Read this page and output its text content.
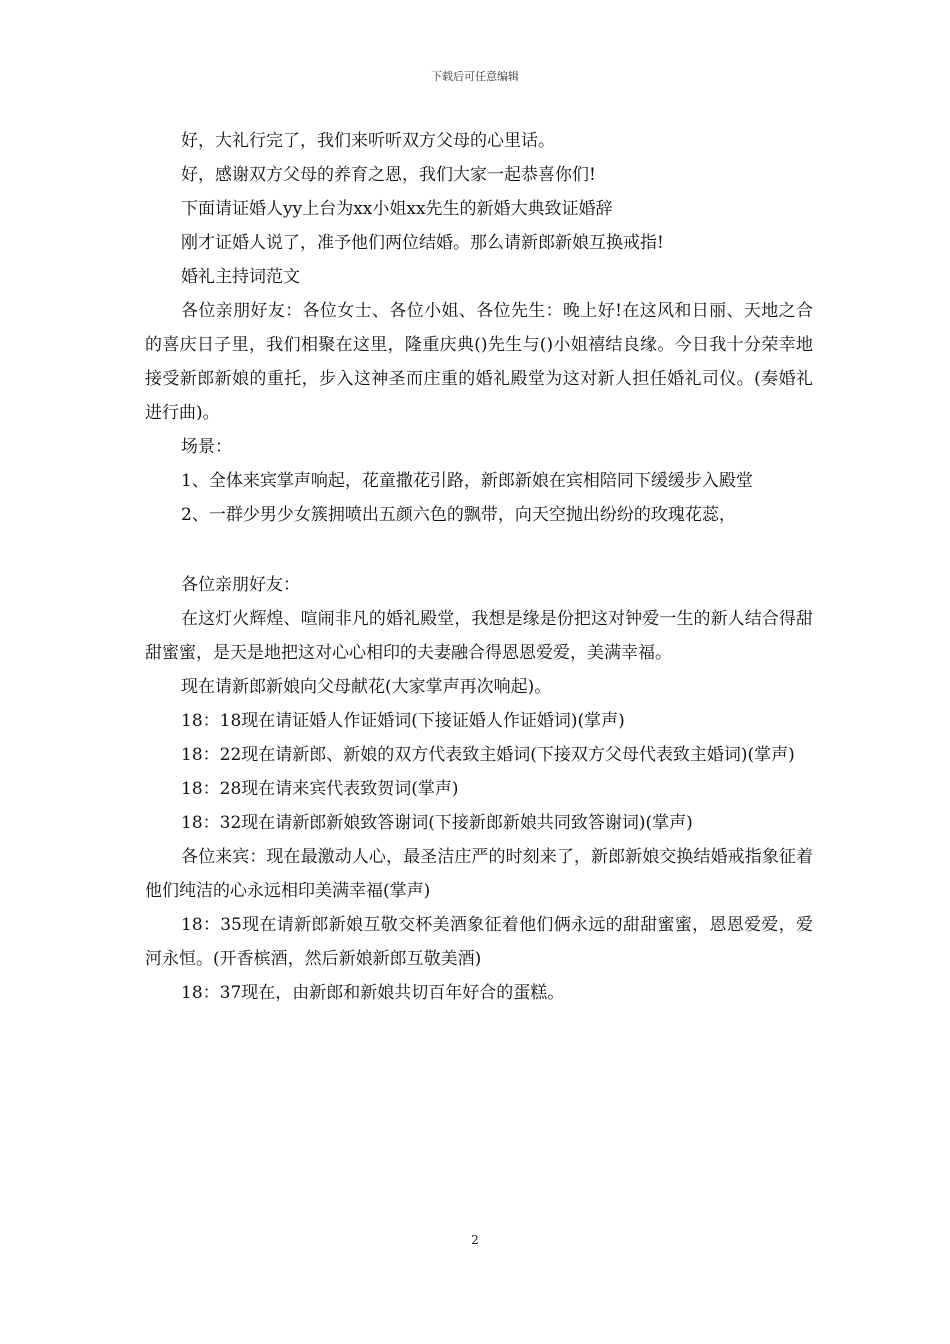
下载后可任意编辑

好，大礼行完了，我们来听听双方父母的心里话。

好，感谢双方父母的养育之恩，我们大家一起恭喜你们!

下面请证婚人yy上台为xx小姐xx先生的新婚大典致证婚辞

刚才证婚人说了，准予他们两位结婚。那么请新郎新娘互换戒指!

婚礼主持词范文

各位亲朋好友：各位女士、各位小姐、各位先生：晚上好!在这风和日丽、天地之合的喜庆日子里，我们相聚在这里，隆重庆典()先生与()小姐禧结良缘。今日我十分荣幸地接受新郎新娘的重托，步入这神圣而庄重的婚礼殿堂为这对新人担任婚礼司仪。(奏婚礼进行曲)。

场景：

1、全体来宾掌声响起，花童撒花引路，新郎新娘在宾相陪同下缓缓步入殿堂

2、一群少男少女簇拥喷出五颜六色的飘带，向天空抛出纷纷的玫瑰花蕊，

各位亲朋好友：

在这灯火辉煌、喧闹非凡的婚礼殿堂，我想是缘是份把这对钟爱一生的新人结合得甜甜蜜蜜，是天是地把这对心心相印的夫妻融合得恩恩爱爱，美满幸福。

现在请新郎新娘向父母献花(大家掌声再次响起)。

18：18现在请证婚人作证婚词(下接证婚人作证婚词)(掌声)

18：22现在请新郎、新娘的双方代表致主婚词(下接双方父母代表致主婚词)(掌声)

18：28现在请来宾代表致贺词(掌声)

18：32现在请新郎新娘致答谢词(下接新郎新娘共同致答谢词)(掌声)

各位来宾：现在最激动人心，最圣洁庄严的时刻来了，新郎新娘交换结婚戒指象征着他们纯洁的心永远相印美满幸福(掌声)

18：35现在请新郎新娘互敬交杯美酒象征着他们俩永远的甜甜蜜蜜，恩恩爱爱，爱河永恒。(开香槟酒，然后新娘新郎互敬美酒)

18：37现在，由新郎和新娘共切百年好合的蛋糕。

2
